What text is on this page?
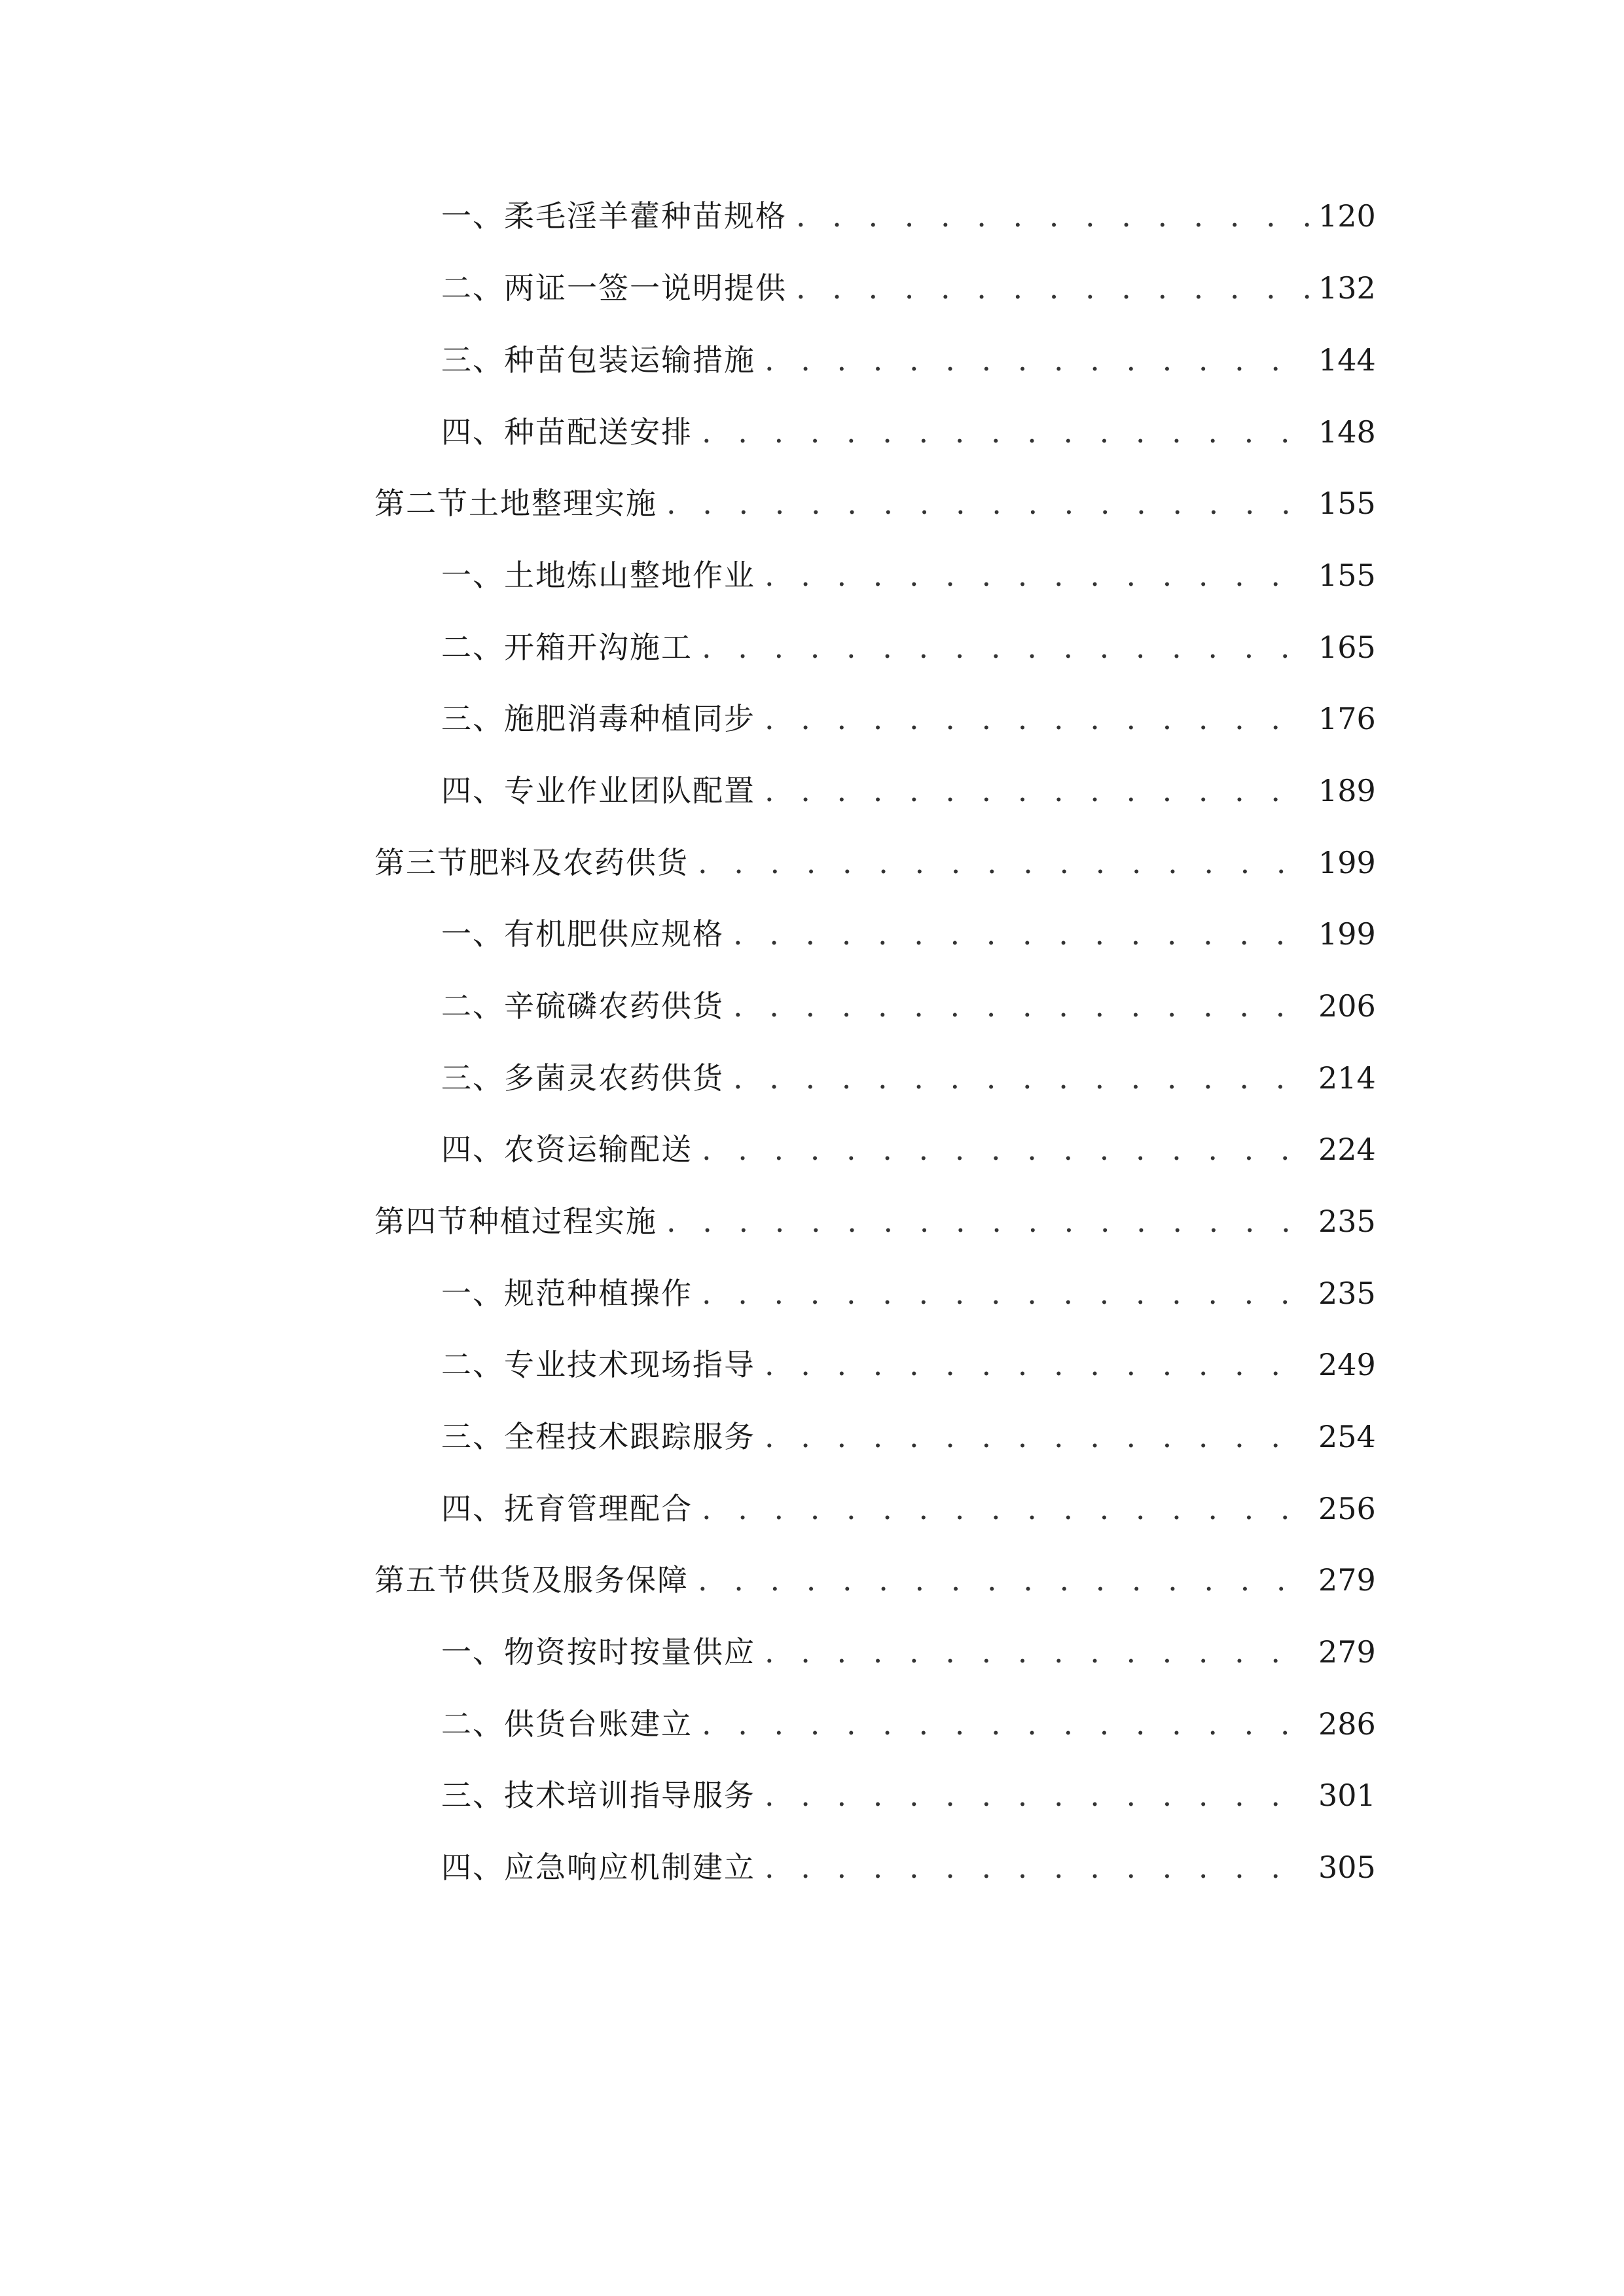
一、 柔毛淫羊藿种苗规格 . . .	120
二、 两证一签一说明提供 . . .	132
三、 种苗包装运输措施 . . .	144
四、 种苗配送安排 . . .	148
第二节 土地整理实施 . . .	155
一、 土地炼山整地作业 . . .	155
二、 开箱开沟施工 . . .	165
三、 施肥消毒种植同步 . . .	176
四、 专业作业团队配置 . . .	189
第三节 肥料及农药供货 . . .	199
一、 有机肥供应规格 . . .	199
二、 辛硫磷农药供货 . . .	206
三、 多菌灵农药供货 . . .	214
四、 农资运输配送 . . .	224
第四节 种植过程实施 . . .	235
一、 规范种植操作 . . .	235
二、 专业技术现场指导 . . .	249
三、 全程技术跟踪服务 . . .	254
四、 抚育管理配合 . . .	256
第五节 供货及服务保障 . . .	279
一、 物资按时按量供应 . . .	279
二、 供货台账建立 . . .	286
三、 技术培训指导服务 . . .	301
四、 应急响应机制建立 . . .	305
